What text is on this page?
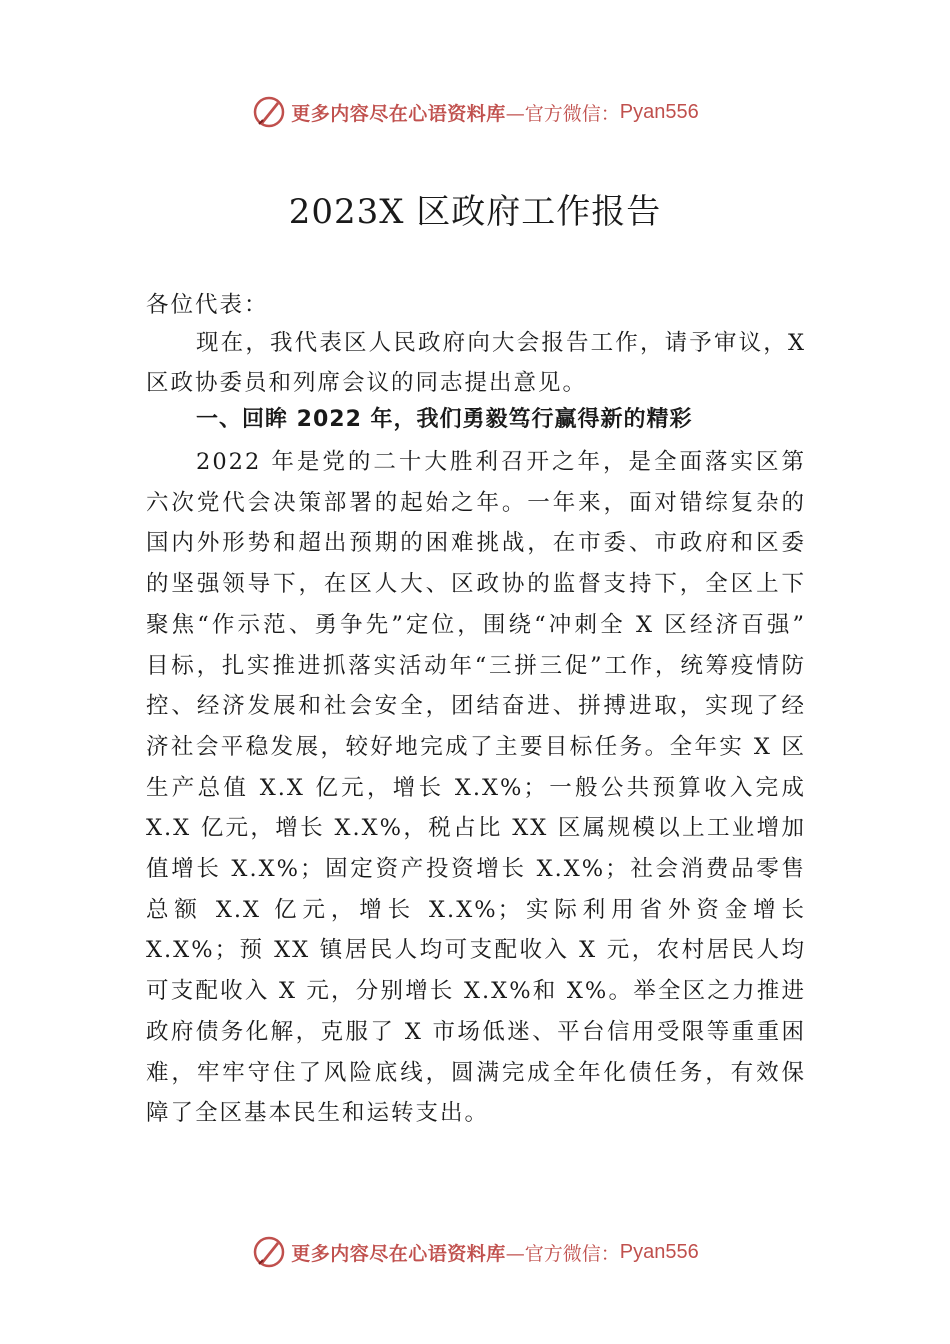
更多内容尽在心语资料库 —官方微信： Pyan556
2023X 区政府工作报告

各位代表：

现在，我代表区人民政府向大会报告工作，请予审议，X 区政协委员和列席会议的同志提出意见。

一、回眸 2022 年，我们勇毅笃行赢得新的精彩

2022 年是党的二十大胜利召开之年，是全面落实区第六次党代会决策部署的起始之年。一年来，面对错综复杂的国内外形势和超出预期的困难挑战，在市委、市政府和区委的坚强领导下，在区人大、区政协的监督支持下，全区上下聚焦“作示范、勇争先”定位，围绕“冲刺全 X 区经济百强” 目标，扎实推进抓落实活动年“三拼三促”工作，统筹疫情防控、经济发展和社会安全，团结奋进、拼搏进取，实现了经济社会平稳发展，较好地完成了主要目标任务。全年实 X 区生产总值 X.X 亿元，增长 X.X%；一般公共预算收入完成 X.X 亿元，增长 X.X%，税占比 XX 区属规模以上工业增加值增长 X.X%；固定资产投资增长 X.X%；社会消费品零售总额 X.X 亿元，增长 X.X%；实际利用省外资金增长 X.X%；预 XX 镇居民人均可支配收入 X 元，农村居民人均可支配收入 X 元，分别增长 X.X%和 X%。举全区之力推进政府债务化解，克服了 X 市场低迷、平台信用受限等重重困难，牢牢守住了风险底线，圆满完成全年化债任务，有效保障了全区基本民生和运转支出。

更多内容尽在心语资料库 —官方微信： Pyan556
